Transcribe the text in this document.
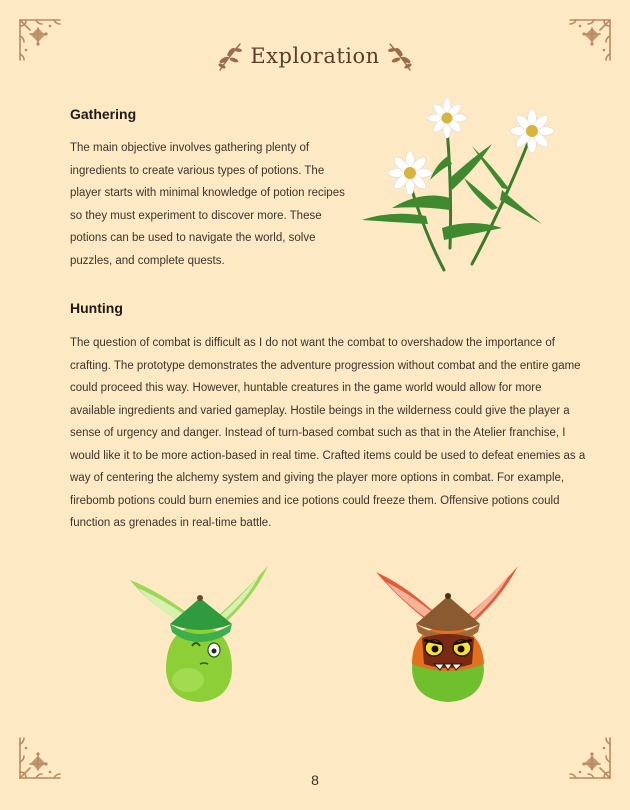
Exploration
Gathering

The main objective involves gathering plenty of ingredients to create various types of potions. The player starts with minimal knowledge of potion recipes so they must experiment to discover more. These potions can be used to navigate the world, solve puzzles, and complete quests.

Hunting

The question of combat is difficult as I do not want the combat to overshadow the importance of crafting. The prototype demonstrates the adventure progression without combat and the entire game could proceed this way. However, huntable creatures in the game world would allow for more available ingredients and varied gameplay. Hostile beings in the wilderness could give the player a sense of urgency and danger. Instead of turn-based combat such as that in the Atelier franchise, I would like it to be more action-based in real time. Crafted items could be used to defeat enemies as a way of centering the alchemy system and giving the player more options in combat. For example, firebomb potions could burn enemies and ice potions could freeze them. Offensive potions could function as grenades in real-time battle.

8
